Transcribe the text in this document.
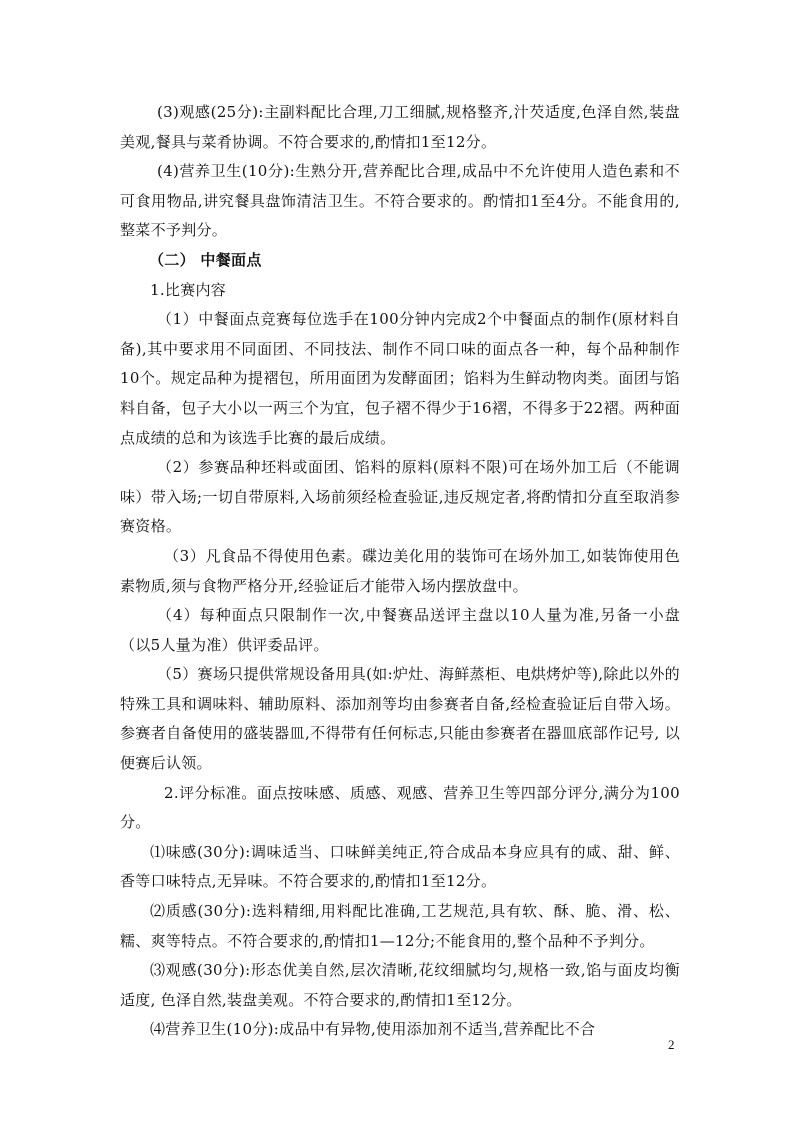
(3)观感(25分):主副料配比合理,刀工细腻,规格整齐,汁芡适度,色泽自然,装盘美观,餐具与菜肴协调。不符合要求的,酌情扣1至12分。

(4)营养卫生(10分):生熟分开,营养配比合理,成品中不允许使用人造色素和不可食用物品,讲究餐具盘饰清洁卫生。不符合要求的。酌情扣1至4分。不能食用的,整菜不予判分。

（二） 中餐面点

1.比赛内容

（1）中餐面点竞赛每位选手在100分钟内完成2个中餐面点的制作(原材料自备),其中要求用不同面团、不同技法、制作不同口味的面点各一种，每个品种制作10个。规定品种为提褶包，所用面团为发酵面团；馅料为生鲜动物肉类。面团与馅料自备，包子大小以一两三个为宜，包子褶不得少于16褶，不得多于22褶。两种面点成绩的总和为该选手比赛的最后成绩。

（2）参赛品种坯料或面团、馅料的原料(原料不限)可在场外加工后（不能调味）带入场;一切自带原料,入场前须经检查验证,违反规定者,将酌情扣分直至取消参赛资格。

（3）凡食品不得使用色素。碟边美化用的装饰可在场外加工,如装饰使用色素物质,须与食物严格分开,经验证后才能带入场内摆放盘中。

（4）每种面点只限制作一次,中餐赛品送评主盘以10人量为准,另备一小盘（以5人量为准）供评委品评。

（5）赛场只提供常规设备用具(如:炉灶、海鲜蒸柜、电烘烤炉等),除此以外的特殊工具和调味料、辅助原料、添加剂等均由参赛者自备,经检查验证后自带入场。参赛者自备使用的盛装器皿,不得带有任何标志,只能由参赛者在器皿底部作记号, 以便赛后认领。

2.评分标准。面点按味感、质感、观感、营养卫生等四部分评分,满分为100分。

⑴味感(30分):调味适当、口味鲜美纯正,符合成品本身应具有的咸、甜、鲜、香等口味特点,无异味。不符合要求的,酌情扣1至12分。

⑵质感(30分):选料精细,用料配比准确,工艺规范,具有软、酥、脆、滑、松、糯、爽等特点。不符合要求的,酌情扣1—12分;不能食用的,整个品种不予判分。

⑶观感(30分):形态优美自然,层次清晰,花纹细腻均匀,规格一致,馅与面皮均衡适度, 色泽自然,装盘美观。不符合要求的,酌情扣1至12分。

⑷营养卫生(10分):成品中有异物,使用添加剂不适当,营养配比不合

2
